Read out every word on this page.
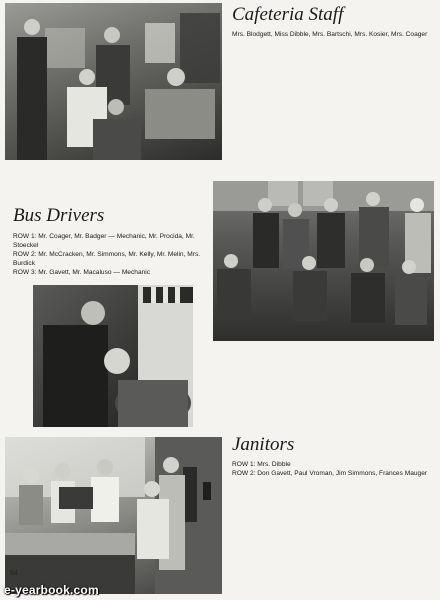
Cafeteria Staff

Mrs. Blodgett, Miss Dibble, Mrs. Bartschi, Mrs. Kosier, Mrs. Coager

Bus Drivers
ROW 1: Mr. Coager, Mr. Badger — Mechanic, Mr. Procida, Mr. Stoeckel
ROW 2: Mr. McCracken, Mr. Simmons, Mr. Kelly, Mr. Melin, Mrs. Burdick
ROW 3: Mr. Gavett, Mr. Macaluso — Mechanic
Janitors
ROW 1: Mrs. Dibble
ROW 2: Don Gavett, Paul Vroman, Jim Simmons, Frances Mauger
84
e-yearbook.com
